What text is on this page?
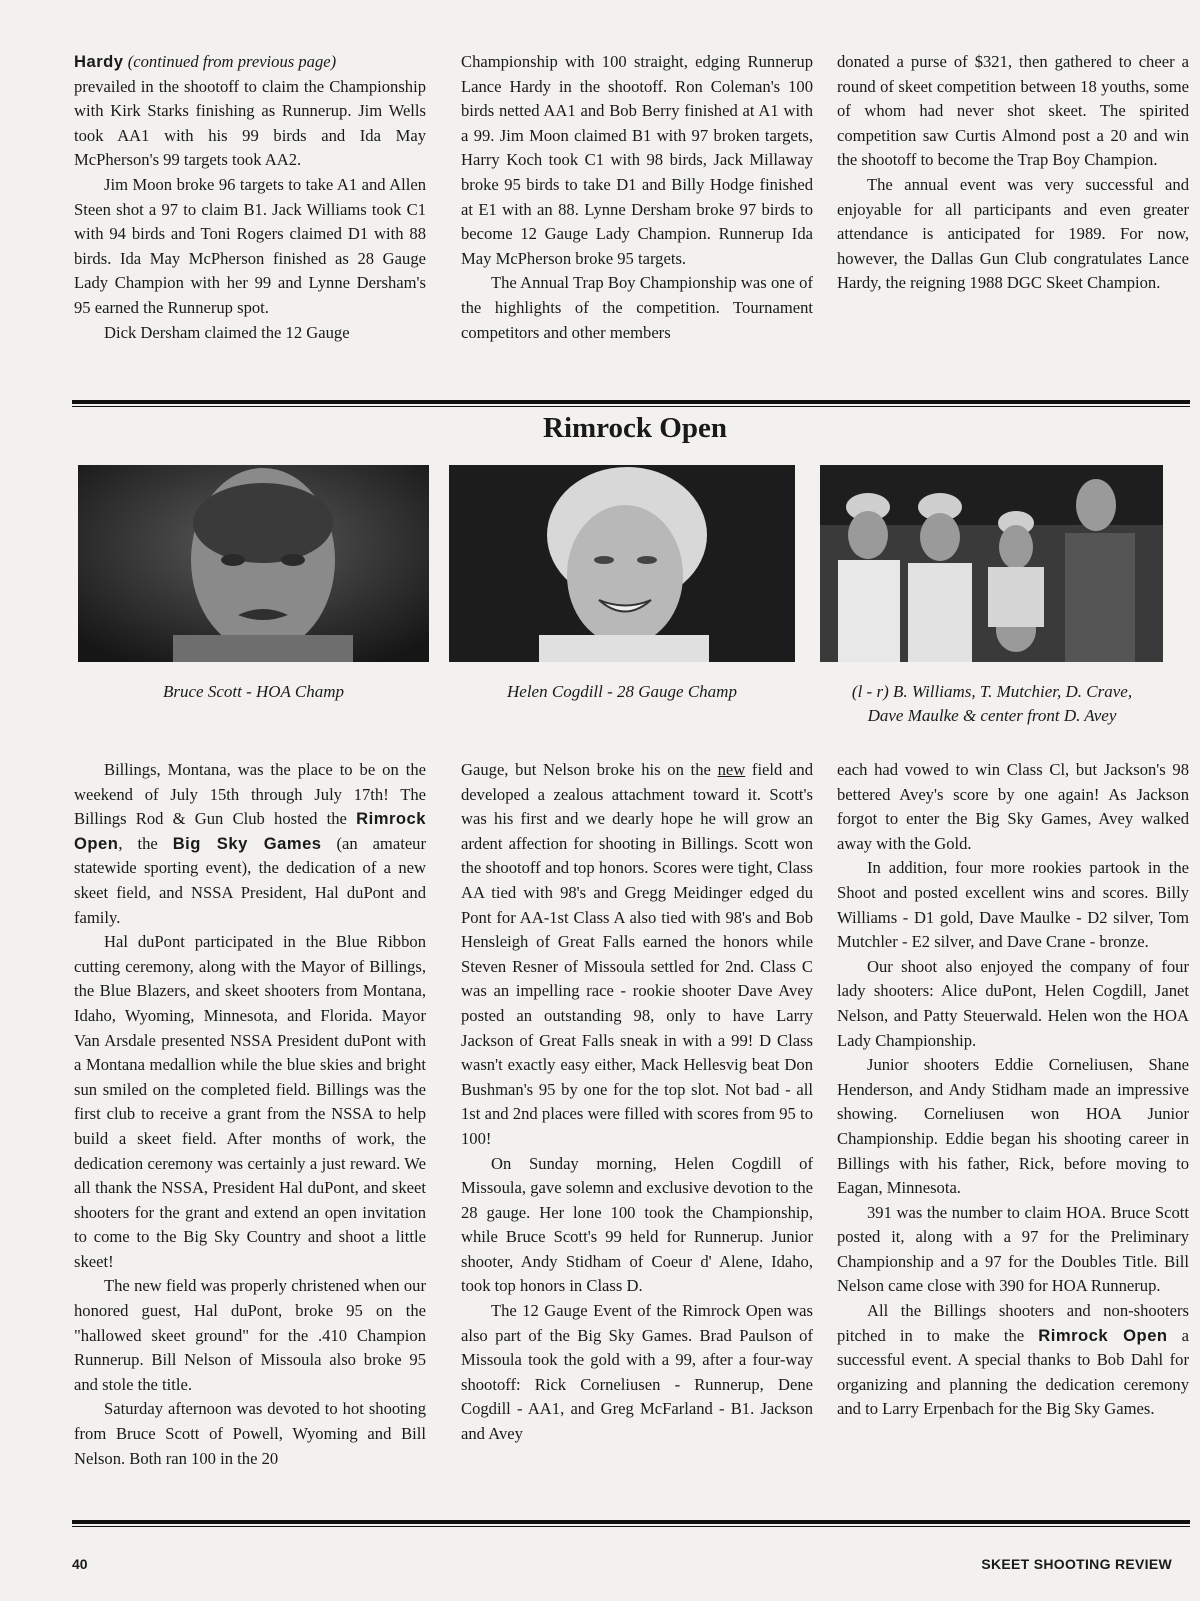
Hardy (continued from previous page)

prevailed in the shootoff to claim the Championship with Kirk Starks finishing as Runnerup. Jim Wells took AA1 with his 99 birds and Ida May McPherson's 99 targets took AA2.

Jim Moon broke 96 targets to take A1 and Allen Steen shot a 97 to claim B1. Jack Williams took C1 with 94 birds and Toni Rogers claimed D1 with 88 birds. Ida May McPherson finished as 28 Gauge Lady Champion with her 99 and Lynne Dersham's 95 earned the Runnerup spot.

Dick Dersham claimed the 12 Gauge

Championship with 100 straight, edging Runnerup Lance Hardy in the shootoff. Ron Coleman's 100 birds netted AA1 and Bob Berry finished at A1 with a 99. Jim Moon claimed B1 with 97 broken targets, Harry Koch took C1 with 98 birds, Jack Millaway broke 95 birds to take D1 and Billy Hodge finished at E1 with an 88. Lynne Dersham broke 97 birds to become 12 Gauge Lady Champion. Runnerup Ida May McPherson broke 95 targets.

The Annual Trap Boy Championship was one of the highlights of the competition. Tournament competitors and other members

donated a purse of $321, then gathered to cheer a round of skeet competition between 18 youths, some of whom had never shot skeet. The spirited competition saw Curtis Almond post a 20 and win the shootoff to become the Trap Boy Champion.

The annual event was very successful and enjoyable for all participants and even greater attendance is anticipated for 1989. For now, however, the Dallas Gun Club congratulates Lance Hardy, the reigning 1988 DGC Skeet Champion.

Rimrock Open
Bruce Scott - HOA Champ	Helen Cogdill - 28 Gauge Champ	(l - r) B. Williams, T. Mutchier, D. Crave,
Dave Maulke & center front D. Avey

Billings, Montana, was the place to be on the weekend of July 15th through July 17th! The Billings Rod & Gun Club hosted the Rimrock Open, the Big Sky Games (an amateur statewide sporting event), the dedication of a new skeet field, and NSSA President, Hal duPont and family.

Hal duPont participated in the Blue Ribbon cutting ceremony, along with the Mayor of Billings, the Blue Blazers, and skeet shooters from Montana, Idaho, Wyoming, Minnesota, and Florida. Mayor Van Arsdale presented NSSA President duPont with a Montana medallion while the blue skies and bright sun smiled on the completed field. Billings was the first club to receive a grant from the NSSA to help build a skeet field. After months of work, the dedication ceremony was certainly a just reward. We all thank the NSSA, President Hal duPont, and skeet shooters for the grant and extend an open invitation to come to the Big Sky Country and shoot a little skeet!

The new field was properly christened when our honored guest, Hal duPont, broke 95 on the "hallowed skeet ground" for the .410 Champion Runnerup. Bill Nelson of Missoula also broke 95 and stole the title.

Saturday afternoon was devoted to hot shooting from Bruce Scott of Powell, Wyoming and Bill Nelson. Both ran 100 in the 20

Gauge, but Nelson broke his on the new field and developed a zealous attachment toward it. Scott's was his first and we dearly hope he will grow an ardent affection for shooting in Billings. Scott won the shootoff and top honors. Scores were tight, Class AA tied with 98's and Gregg Meidinger edged du Pont for AA-1st Class A also tied with 98's and Bob Hensleigh of Great Falls earned the honors while Steven Resner of Missoula settled for 2nd. Class C was an impelling race - rookie shooter Dave Avey posted an outstanding 98, only to have Larry Jackson of Great Falls sneak in with a 99! D Class wasn't exactly easy either, Mack Hellesvig beat Don Bushman's 95 by one for the top slot. Not bad - all 1st and 2nd places were filled with scores from 95 to 100!

On Sunday morning, Helen Cogdill of Missoula, gave solemn and exclusive devotion to the 28 gauge. Her lone 100 took the Championship, while Bruce Scott's 99 held for Runnerup. Junior shooter, Andy Stidham of Coeur d' Alene, Idaho, took top honors in Class D.

The 12 Gauge Event of the Rimrock Open was also part of the Big Sky Games. Brad Paulson of Missoula took the gold with a 99, after a four-way shootoff: Rick Corneliusen - Runnerup, Dene Cogdill - AA1, and Greg McFarland - B1. Jackson and Avey

each had vowed to win Class Cl, but Jackson's 98 bettered Avey's score by one again! As Jackson forgot to enter the Big Sky Games, Avey walked away with the Gold.

In addition, four more rookies partook in the Shoot and posted excellent wins and scores. Billy Williams - D1 gold, Dave Maulke - D2 silver, Tom Mutchler - E2 silver, and Dave Crane - bronze.

Our shoot also enjoyed the company of four lady shooters: Alice duPont, Helen Cogdill, Janet Nelson, and Patty Steuerwald. Helen won the HOA Lady Championship.

Junior shooters Eddie Corneliusen, Shane Henderson, and Andy Stidham made an impressive showing. Corneliusen won HOA Junior Championship. Eddie began his shooting career in Billings with his father, Rick, before moving to Eagan, Minnesota.

391 was the number to claim HOA. Bruce Scott posted it, along with a 97 for the Preliminary Championship and a 97 for the Doubles Title. Bill Nelson came close with 390 for HOA Runnerup.

All the Billings shooters and non-shooters pitched in to make the Rimrock Open a successful event. A special thanks to Bob Dahl for organizing and planning the dedication ceremony and to Larry Erpenbach for the Big Sky Games.

40	SKEET SHOOTING REVIEW
